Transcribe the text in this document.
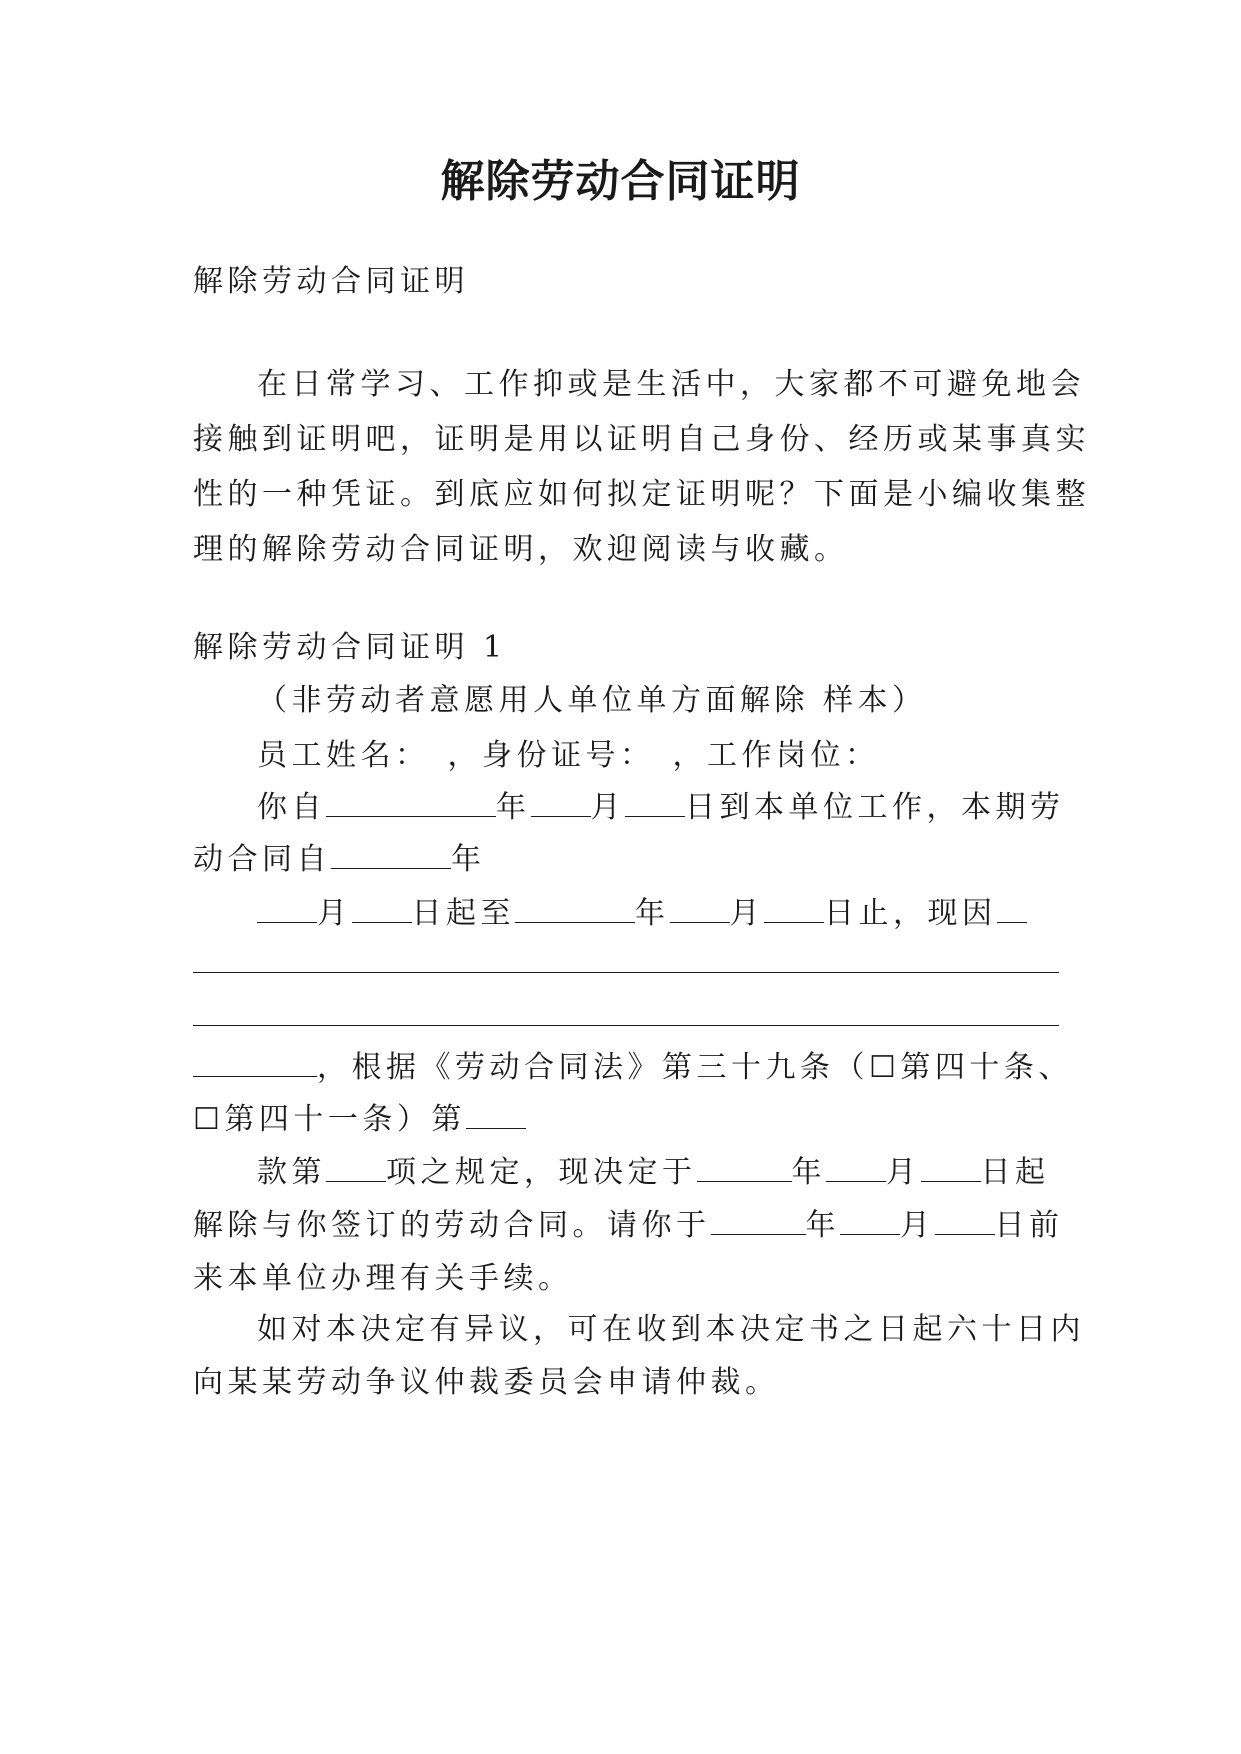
解除劳动合同证明
解除劳动合同证明
在日常学习、工作抑或是生活中，大家都不可避免地会
接触到证明吧，证明是用以证明自己身份、经历或某事真实
性的一种凭证。到底应如何拟定证明呢？下面是小编收集整
理的解除劳动合同证明，欢迎阅读与收藏。
解除劳动合同证明 1
（非劳动者意愿用人单位单方面解除 样本）
员工姓名： ，身份证号： ，工作岗位：
你自	年 月 日到本单位工作，本期劳
动合同自	年
月 日起至	年 月 日止，现因
，根据《劳动合同法》第三十九条（☐第四十条、
☐第四十一条）第
款第 项之规定，现决定于	年 月 日起
解除与你签订的劳动合同。请你于	年 月 日前
来本单位办理有关手续。
如对本决定有异议，可在收到本决定书之日起六十日内
向某某劳动争议仲裁委员会申请仲裁。
